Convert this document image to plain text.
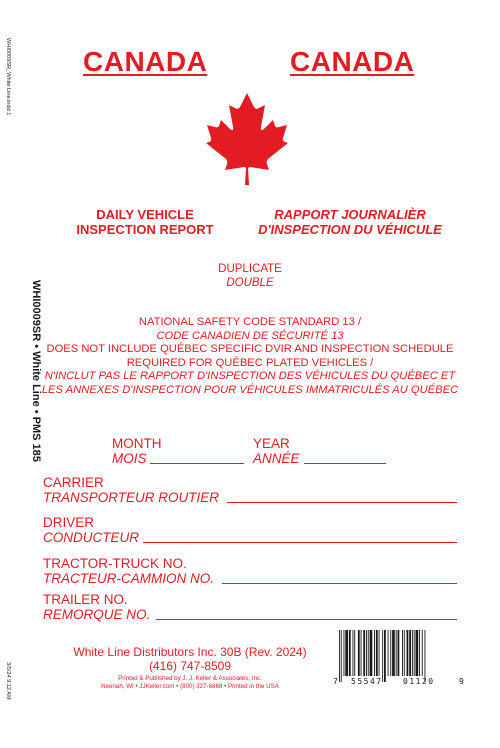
CANADA	CANADA
DAILY VEHICLE
INSPECTION REPORT
RAPPORT JOURNALIÈR
D'INSPECTION DU VÉHICULE
DUPLICATE
DOUBLE
NATIONAL SAFETY CODE STANDARD 13 /
CODE CANADIEN DE SÉCURITÉ 13
DOES NOT INCLUDE QUÉBEC SPECIFIC DVIR AND INSPECTION SCHEDULE
REQUIRED FOR QUÉBEC PLATED VEHICLES /
N'INCLUT PAS LE RAPPORT D'INSPECTION DES VÉHICULES DU QUÉBEC ET
LES ANNEXES D'INSPECTION POUR VÉHICULES IMMATRICULÉS AU QUÉBEC
MONTH
MOIS
YEAR
ANNÉE
CARRIER
TRANSPORTEUR ROUTIER
DRIVER
CONDUCTEUR
TRACTOR-TRUCK NO.
TRACTEUR-CAMMION NO.
TRAILER NO.
REMORQUE NO.
White Line Distributors Inc. 30B (Rev. 2024)
(416) 747-8509
Printed & Published by J. J. Keller & Associates, Inc.
Neenah, WI • JJKeller.com • (800) 327-6868 • Printed in the USA	7 55547	01120	9
WHI0009SR • White Line • PMS 185
WHI0009SR_White Line.indd 1
3/5/24 9:12 AM
